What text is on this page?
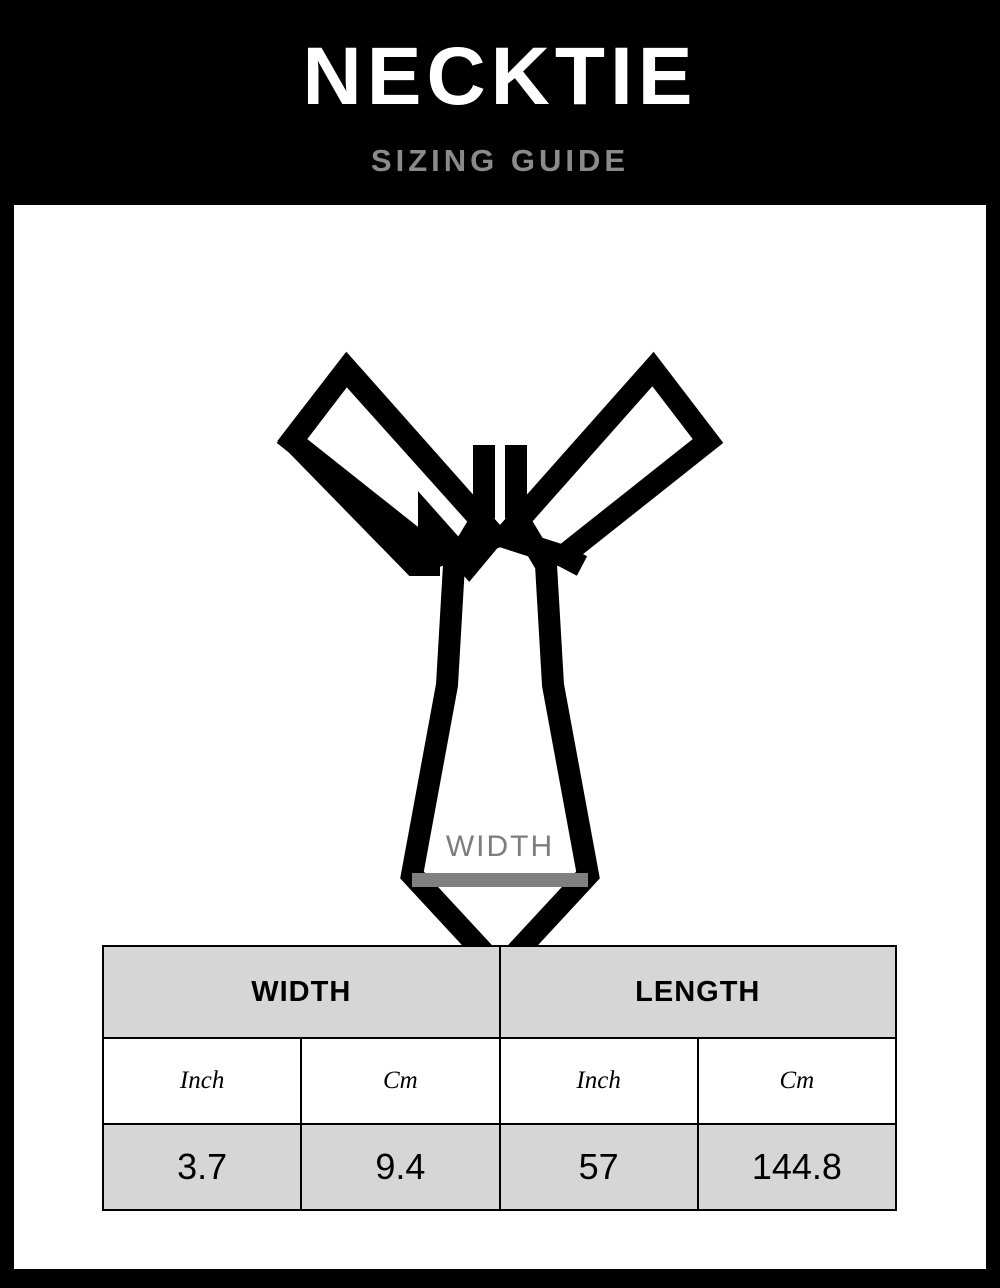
NECKTIE
SIZING GUIDE
WIDTH
WIDTH		LENGTH	
Inch	Cm	Inch	Cm
3.7	9.4	57	144.8
